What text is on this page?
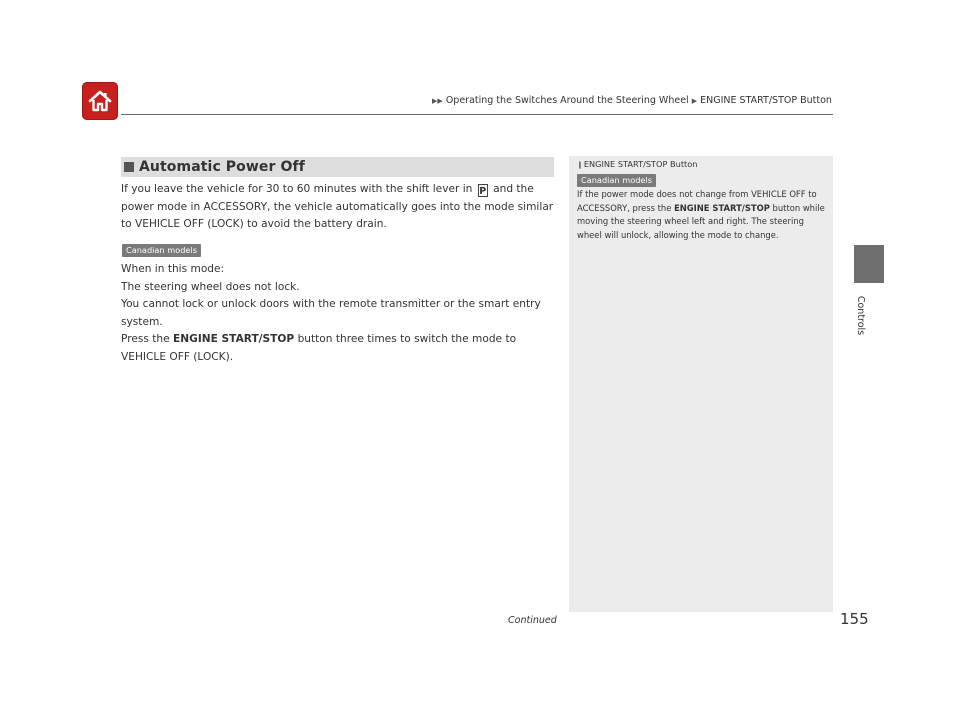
▶▶ Operating the Switches Around the Steering Wheel ▶ ENGINE START/STOP Button
Controls
Automatic Power Off

If you leave the vehicle for 30 to 60 minutes with the shift lever in P and the power mode in ACCESSORY, the vehicle automatically goes into the mode similar to VEHICLE OFF (LOCK) to avoid the battery drain.

Canadian models

When in this mode:

The steering wheel does not lock.

You cannot lock or unlock doors with the remote transmitter or the smart entry system.

Press the ENGINE START/STOP button three times to switch the mode to VEHICLE OFF (LOCK).

❙ENGINE START/STOP Button
Canadian models
If the power mode does not change from VEHICLE OFF to ACCESSORY, press the ENGINE START/STOP button while moving the steering wheel left and right. The steering wheel will unlock, allowing the mode to change.
Continued	155
